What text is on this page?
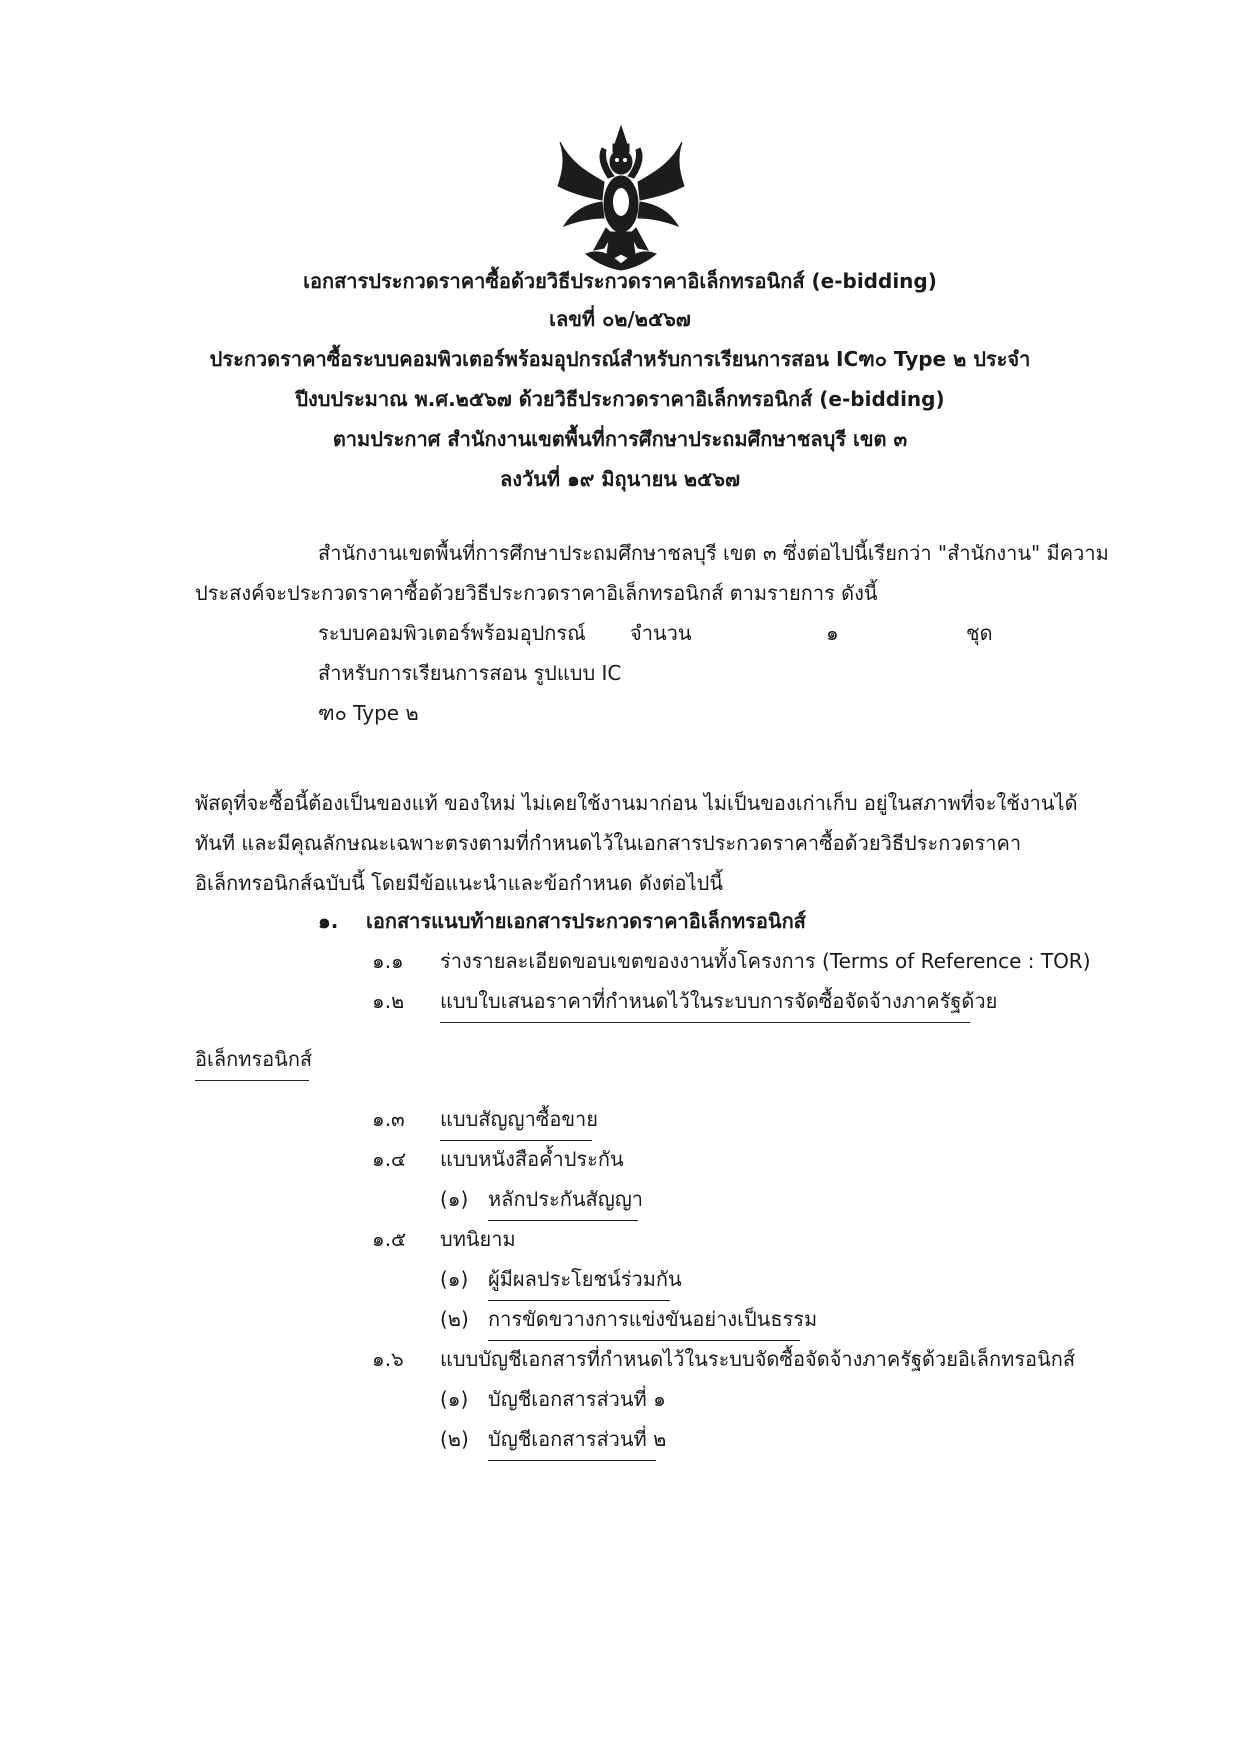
เอกสารประกวดราคาซื้อด้วยวิธีประกวดราคาอิเล็กทรอนิกส์ (e-bidding)
เลขที่ ๐๒/๒๕๖๗
ประกวดราคาซื้อระบบคอมพิวเตอร์พร้อมอุปกรณ์สำหรับการเรียนการสอน ICฑ๐ Type ๒ ประจำ
ปีงบประมาณ พ.ศ.๒๕๖๗ ด้วยวิธีประกวดราคาอิเล็กทรอนิกส์ (e-bidding)
ตามประกาศ สำนักงานเขตพื้นที่การศึกษาประถมศึกษาชลบุรี เขต ๓
ลงวันที่ ๑๙ มิถุนายน ๒๕๖๗
สำนักงานเขตพื้นที่การศึกษาประถมศึกษาชลบุรี เขต ๓ ซึ่งต่อไปนี้เรียกว่า "สำนักงาน" มีความ
ประสงค์จะประกวดราคาซื้อด้วยวิธีประกวดราคาอิเล็กทรอนิกส์ ตามรายการ ดังนี้
ระบบคอมพิวเตอร์พร้อมอุปกรณ์ จำนวน	๑	ชุด
สำหรับการเรียนการสอน รูปแบบ IC
ฑ๐ Type ๒
พัสดุที่จะซื้อนี้ต้องเป็นของแท้ ของใหม่ ไม่เคยใช้งานมาก่อน ไม่เป็นของเก่าเก็บ อยู่ในสภาพที่จะใช้งานได้
ทันที และมีคุณลักษณะเฉพาะตรงตามที่กำหนดไว้ในเอกสารประกวดราคาซื้อด้วยวิธีประกวดราคา
อิเล็กทรอนิกส์ฉบับนี้ โดยมีข้อแนะนำและข้อกำหนด ดังต่อไปนี้
๑. เอกสารแนบท้ายเอกสารประกวดราคาอิเล็กทรอนิกส์
๑.๑ ร่างรายละเอียดขอบเขตของงานทั้งโครงการ (Terms of Reference : TOR)
๑.๒ แบบใบเสนอราคาที่กำหนดไว้ในระบบการจัดซื้อจัดจ้างภาครัฐด้วย
อิเล็กทรอนิกส์
๑.๓ แบบสัญญาซื้อขาย
๑.๔ แบบหนังสือค้ำประกัน
(๑) หลักประกันสัญญา
๑.๕ บทนิยาม
(๑) ผู้มีผลประโยชน์ร่วมกัน
(๒) การขัดขวางการแข่งขันอย่างเป็นธรรม
๑.๖ แบบบัญชีเอกสารที่กำหนดไว้ในระบบจัดซื้อจัดจ้างภาครัฐด้วยอิเล็กทรอนิกส์
(๑) บัญชีเอกสารส่วนที่ ๑
(๒) บัญชีเอกสารส่วนที่ ๒
